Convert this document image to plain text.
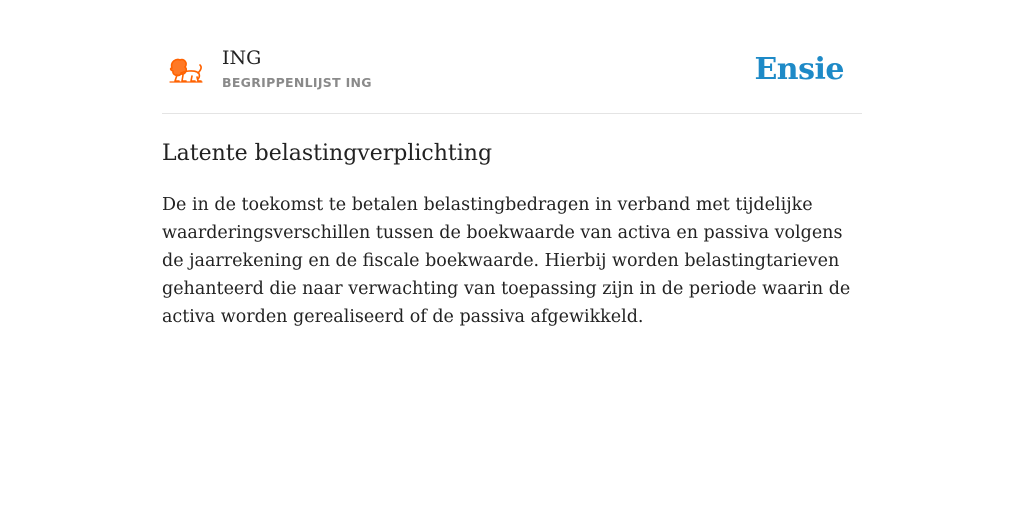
ING
BEGRIPPENLIJST ING	Ensie
Latente belastingverplichting

De in de toekomst te betalen belastingbedragen in verband met tijdelijke waarderingsverschillen tussen de boekwaarde van activa en passiva volgens de jaarrekening en de fiscale boekwaarde. Hierbij worden belastingtarieven gehanteerd die naar verwachting van toepassing zijn in de periode waarin de activa worden gerealiseerd of de passiva afgewikkeld.
